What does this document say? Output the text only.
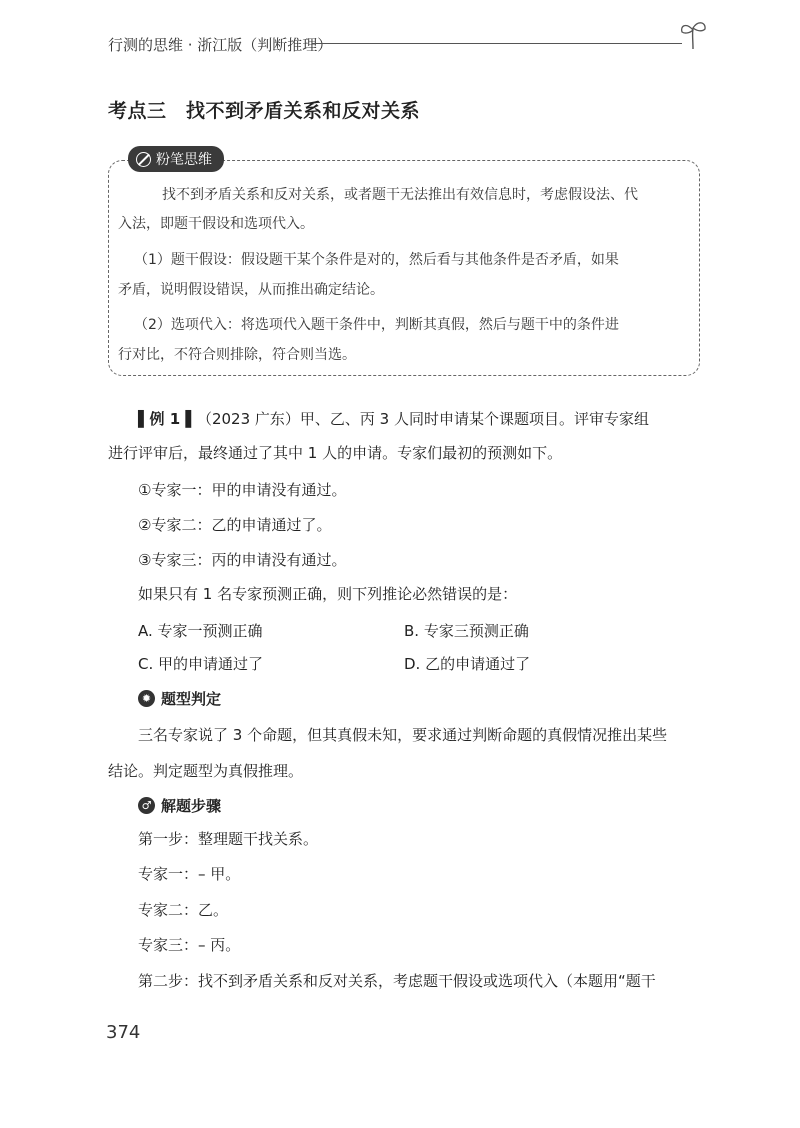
行测的思维 · 浙江版（判断推理）
考点三　找不到矛盾关系和反对关系
粉笔思维
找不到矛盾关系和反对关系，或者题干无法推出有效信息时，考虑假设法、代
入法，即题干假设和选项代入。
（1）题干假设：假设题干某个条件是对的，然后看与其他条件是否矛盾，如果
矛盾，说明假设错误，从而推出确定结论。
（2）选项代入：将选项代入题干条件中，判断其真假，然后与题干中的条件进
行对比，不符合则排除，符合则当选。
▌例 1 ▌（2023 广东）甲、乙、丙 3 人同时申请某个课题项目。评审专家组
进行评审后，最终通过了其中 1 人的申请。专家们最初的预测如下。
①专家一：甲的申请没有通过。
②专家二：乙的申请通过了。
③专家三：丙的申请没有通过。
如果只有 1 名专家预测正确，则下列推论必然错误的是：
A. 专家一预测正确	B. 专家三预测正确
C. 甲的申请通过了	D. 乙的申请通过了
✹ 题型判定
三名专家说了 3 个命题，但其真假未知，要求通过判断命题的真假情况推出某些
结论。判定题型为真假推理。
♂ 解题步骤
第一步：整理题干找关系。
专家一：– 甲。
专家二：乙。
专家三：– 丙。
第二步：找不到矛盾关系和反对关系，考虑题干假设或选项代入（本题用“题干
374
